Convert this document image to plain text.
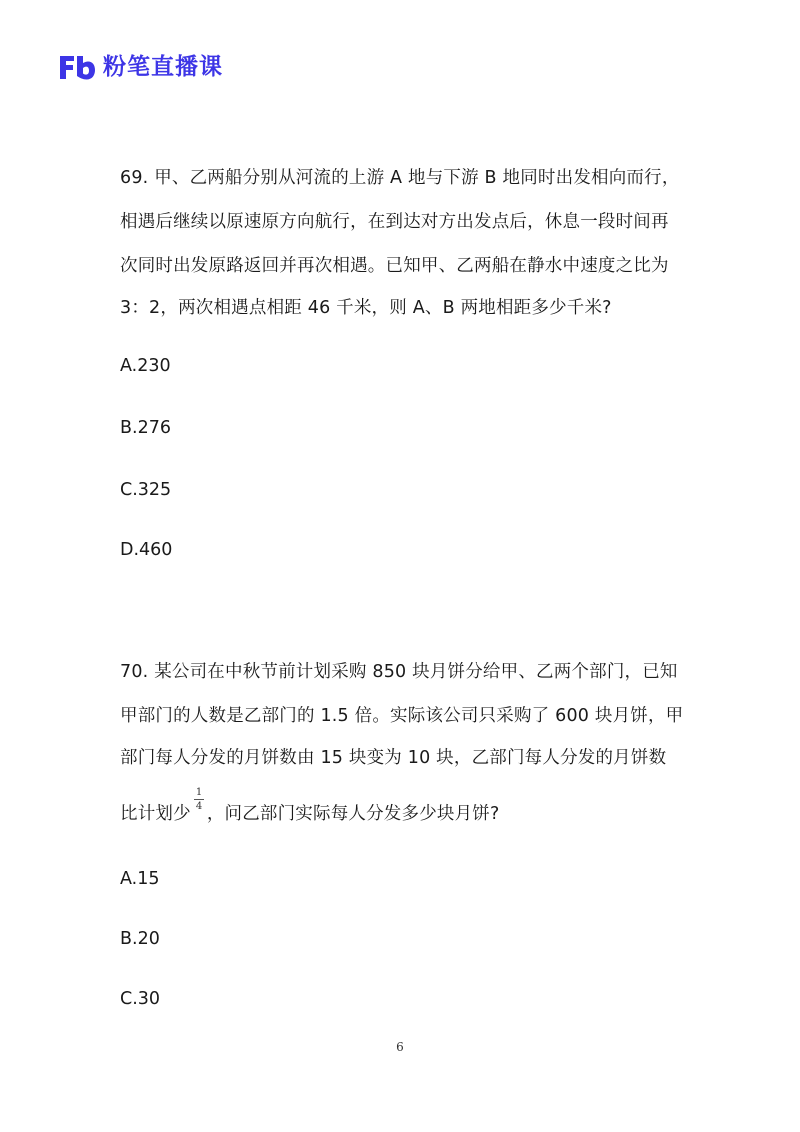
粉笔直播课
69. 甲、乙两船分别从河流的上游 A 地与下游 B 地同时出发相向而行，
相遇后继续以原速原方向航行，在到达对方出发点后，休息一段时间再
次同时出发原路返回并再次相遇。已知甲、乙两船在静水中速度之比为
3：2，两次相遇点相距 46 千米，则 A、B 两地相距多少千米?
A.230
B.276
C.325
D.460
70. 某公司在中秋节前计划采购 850 块月饼分给甲、乙两个部门，已知
甲部门的人数是乙部门的 1.5 倍。实际该公司只采购了 600 块月饼，甲
部门每人分发的月饼数由 15 块变为 10 块，乙部门每人分发的月饼数
比计划少 $\frac{1}{4}$ ，问乙部门实际每人分发多少块月饼?
A.15
B.20
C.30
6
